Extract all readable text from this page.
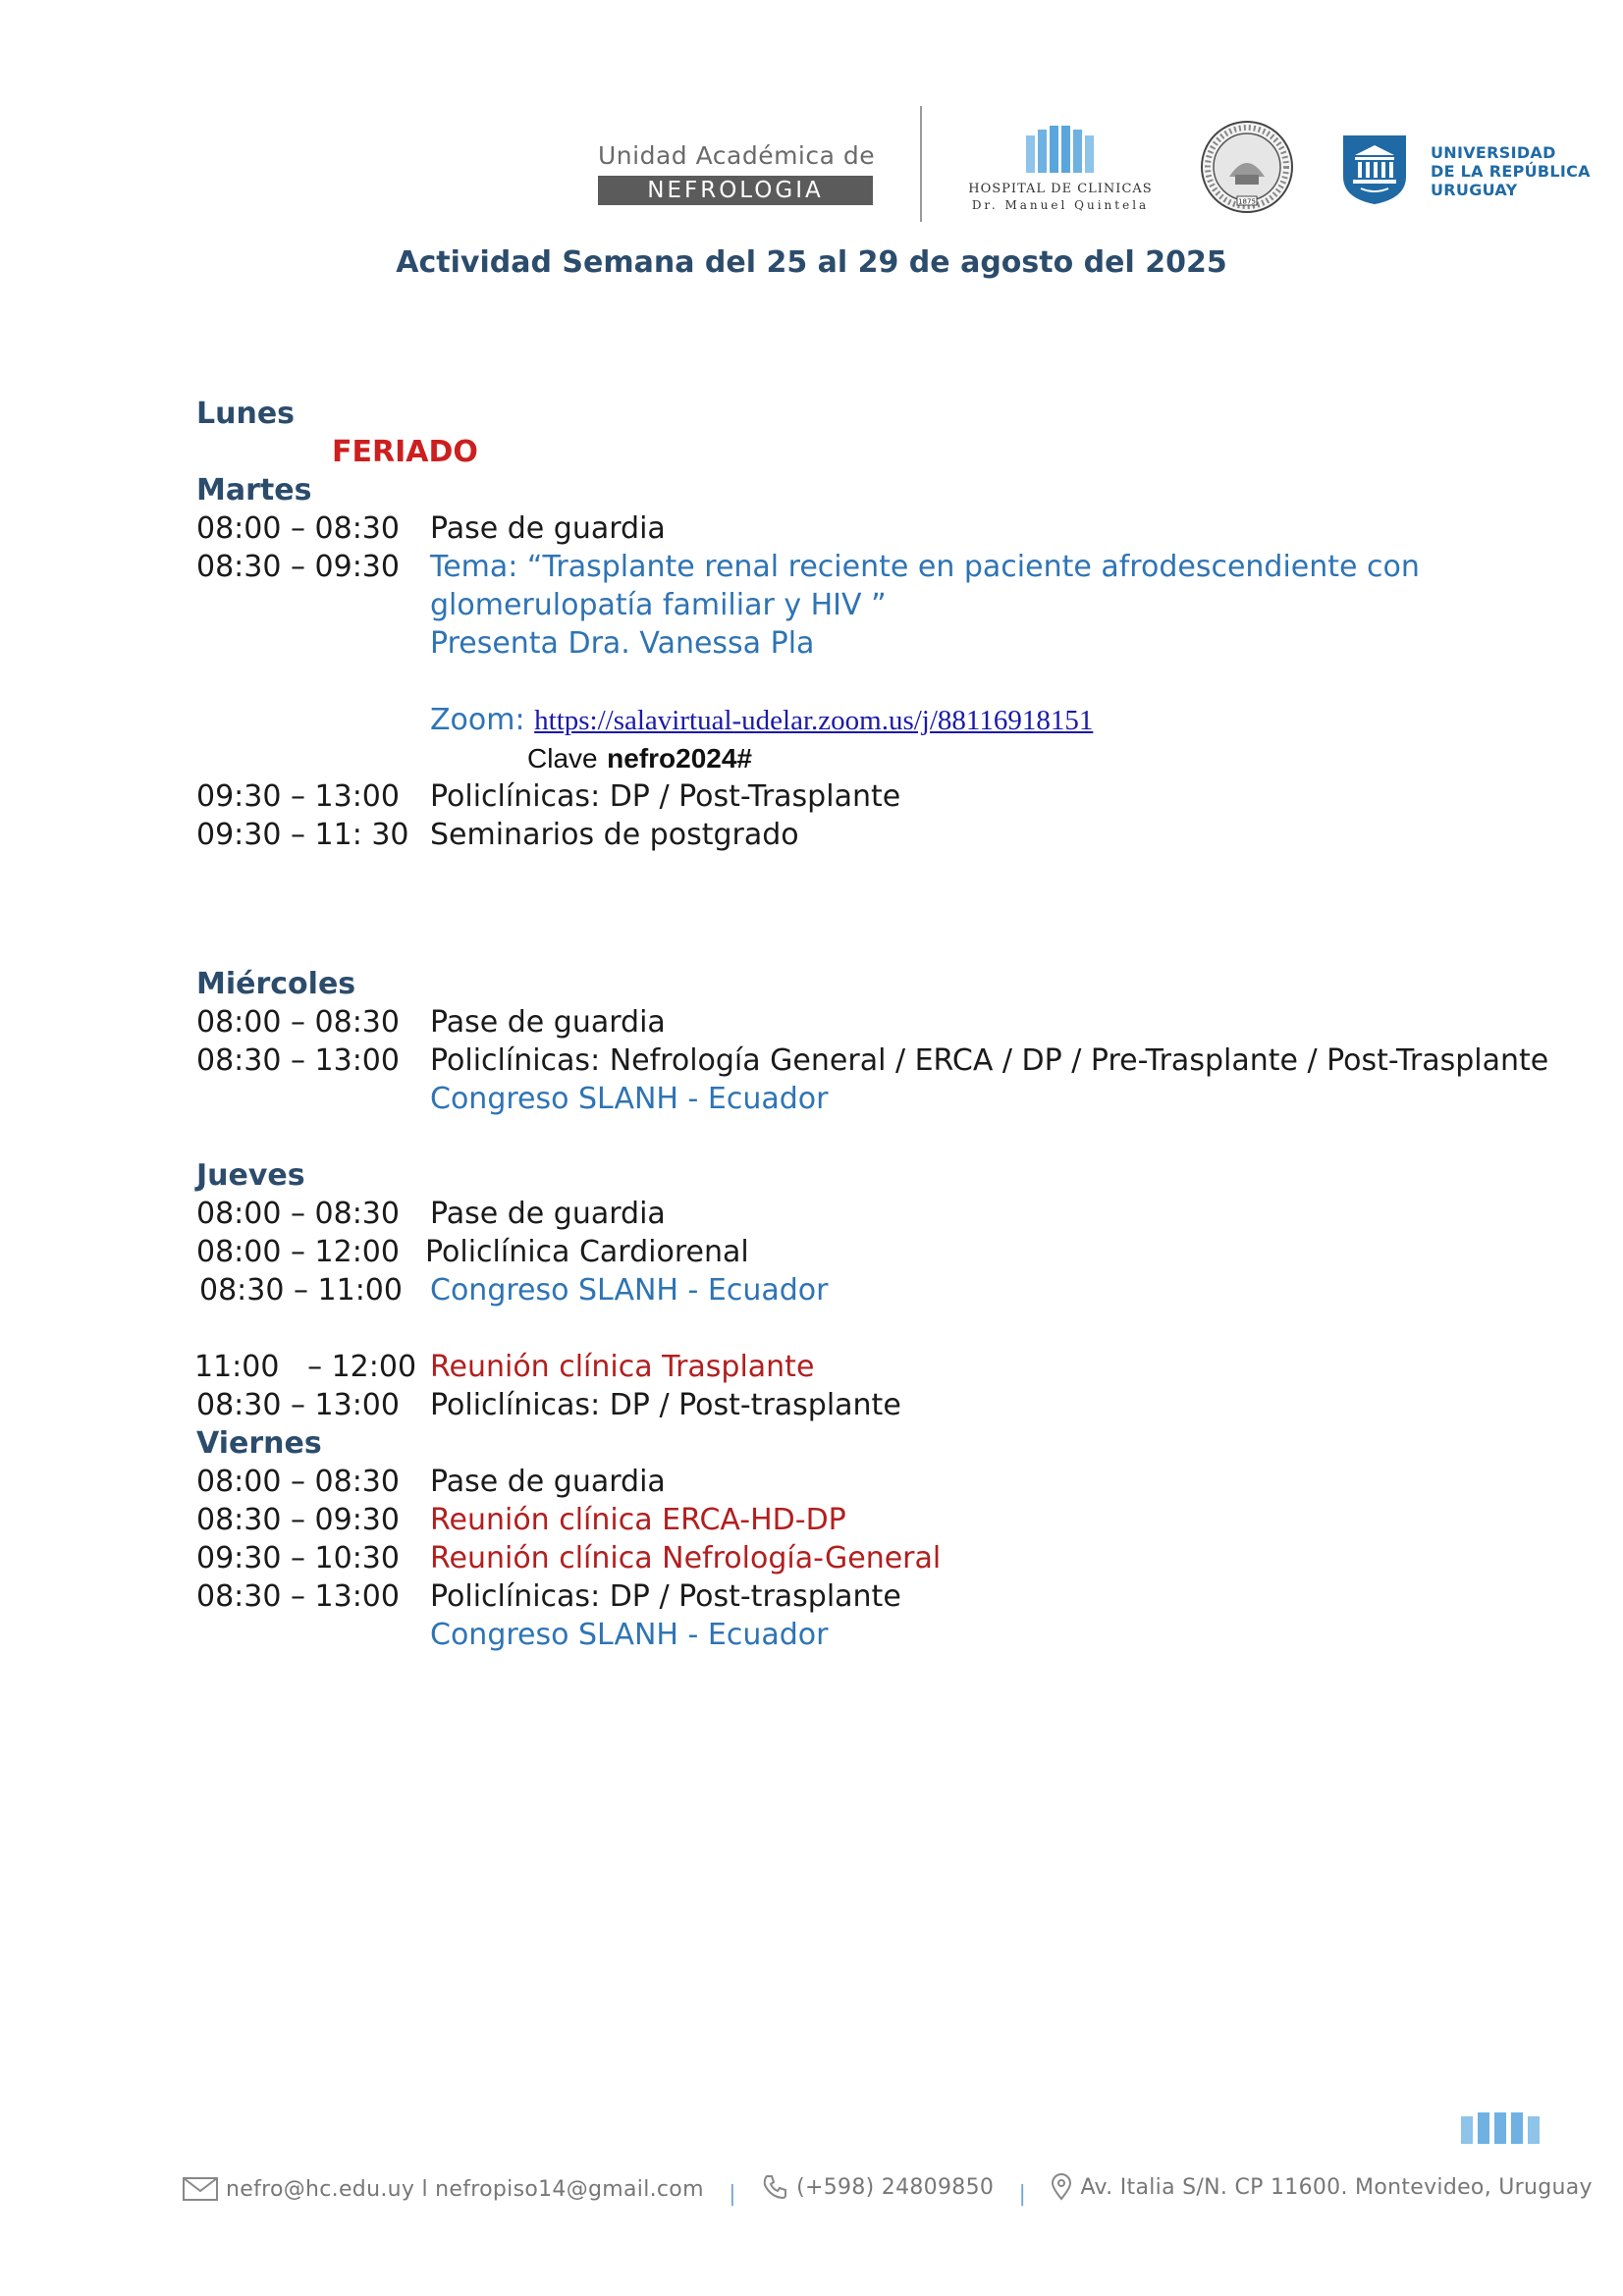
Unidad Académica de
NEFROLOGIA	HOSPITAL DE CLINICAS
Dr. Manuel Quintela	1875
UNIVERSIDAD
DE LA REPÚBLICA
URUGUAY
Actividad Semana del 25 al 29 de agosto del 2025
Lunes
FERIADO
Martes
08:00 – 08:30 Pase de guardia
08:30 – 09:30 Tema: “Trasplante renal reciente en paciente afrodescendiente con
glomerulopatía familiar y HIV ”
Presenta Dra. Vanessa Pla
Zoom: https://salavirtual-udelar.zoom.us/j/88116918151
Clave nefro2024#
09:30 – 13:00 Policlínicas: DP / Post-Trasplante
09:30 – 11: 30 Seminarios de postgrado
Miércoles
08:00 – 08:30 Pase de guardia
08:30 – 13:00 Policlínicas: Nefrología General / ERCA / DP / Pre-Trasplante / Post-Trasplante
Congreso SLANH - Ecuador
Jueves
08:00 – 08:30 Pase de guardia
08:00 – 12:00 Policlínica Cardiorenal
08:30 – 11:00 Congreso SLANH - Ecuador
11:00   – 12:00 Reunión clínica Trasplante
08:30 – 13:00 Policlínicas: DP / Post-trasplante
Viernes
08:00 – 08:30 Pase de guardia
08:30 – 09:30 Reunión clínica ERCA-HD-DP
09:30 – 10:30 Reunión clínica Nefrología-General
08:30 – 13:00 Policlínicas: DP / Post-trasplante
Congreso SLANH - Ecuador
nefro@hc.edu.uy l nefropiso14@gmail.com |	(+598) 24809850 |	Av. Italia S/N. CP 11600. Montevideo, Uruguay
